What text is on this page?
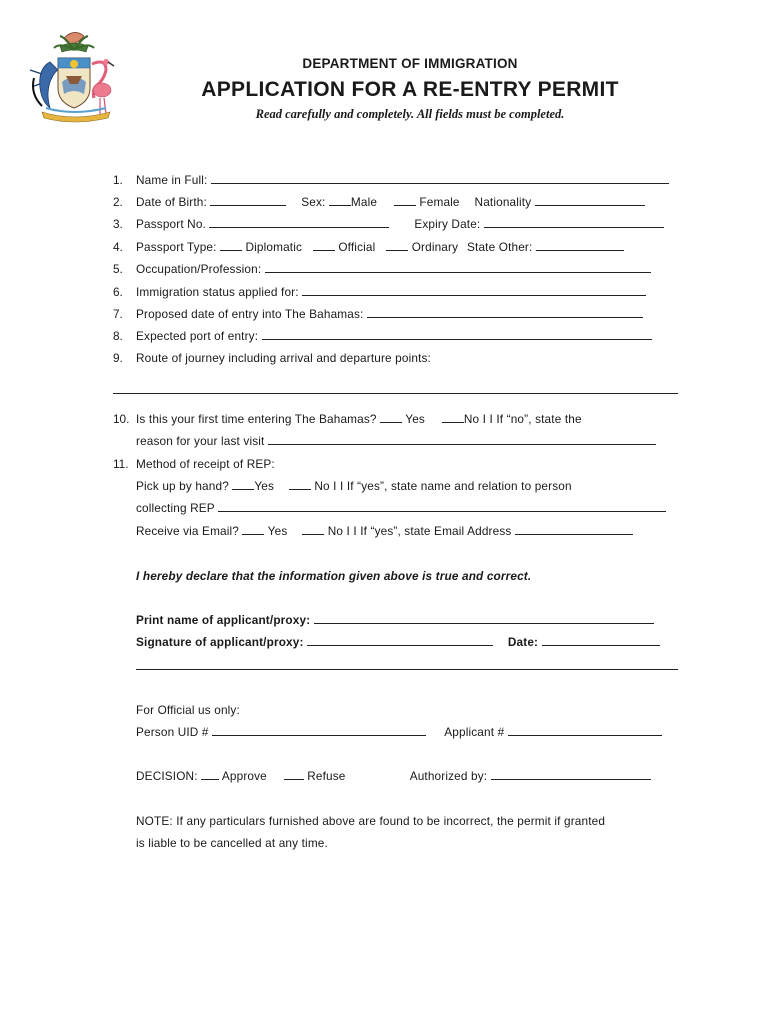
DEPARTMENT OF IMMIGRATION
APPLICATION FOR A RE-ENTRY PERMIT
Read carefully and completely. All fields must be completed.
1. Name in Full:
2. Date of Birth:	Sex: Male	Female Nationality
3. Passport No.	Expiry Date:
4. Passport Type: Diplomatic	Official	Ordinary State Other:
5. Occupation/Profession:
6. Immigration status applied for:
7. Proposed date of entry into The Bahamas:
8. Expected port of entry:
9. Route of journey including arrival and departure points:
10. Is this your first time entering The Bahamas? Yes	No I I If “no”, state the
reason for your last visit
11. Method of receipt of REP:
Pick up by hand? Yes	No I I If “yes”, state name and relation to person
collecting REP
Receive via Email? Yes	No I I If “yes”, state Email Address
I hereby declare that the information given above is true and correct.
Print name of applicant/proxy:
Signature of applicant/proxy:	Date:
For Official us only:
Person UID #	Applicant #
DECISION: Approve	Refuse	Authorized by:
NOTE: If any particulars furnished above are found to be incorrect, the permit if granted
is liable to be cancelled at any time.
